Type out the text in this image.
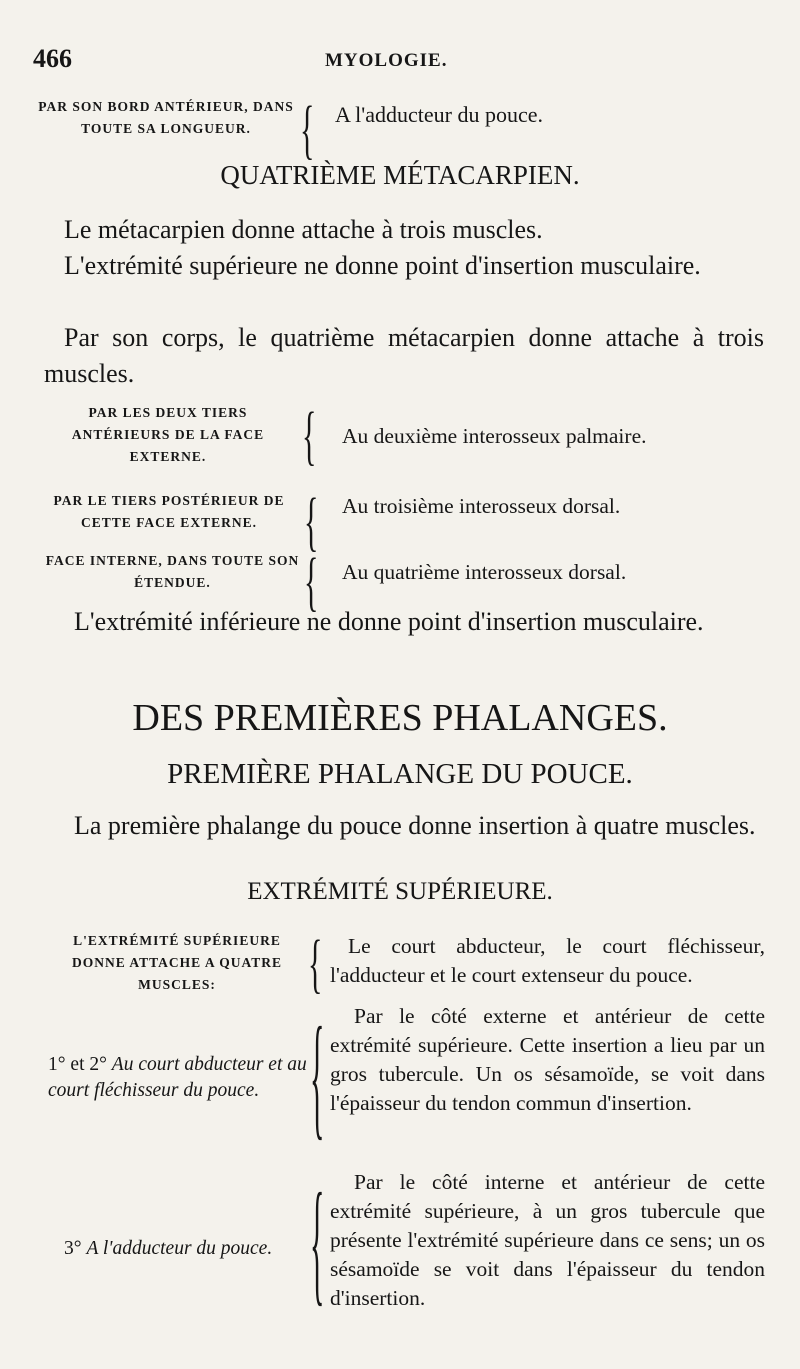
466	MYOLOGIE.
PAR SON BORD ANTÉRIEUR, DANS TOUTE SA LONGUEUR.	{ A l'adducteur du pouce.
QUATRIÈME MÉTACARPIEN.
Le métacarpien donne attache à trois muscles.
L'extrémité supérieure ne donne point d'insertion musculaire.
Par son corps, le quatrième métacarpien donne attache à trois muscles.
PAR LES DEUX TIERS ANTÉRIEURS DE LA FACE EXTERNE.	{ Au deuxième interosseux palmaire.
PAR LE TIERS POSTÉRIEUR DE CETTE FACE EXTERNE.	{ Au troisième interosseux dorsal.
FACE INTERNE, DANS TOUTE SON ÉTENDUE.	{ Au quatrième interosseux dorsal.
L'extrémité inférieure ne donne point d'insertion musculaire.
DES PREMIÈRES PHALANGES.
PREMIÈRE PHALANGE DU POUCE.
La première phalange du pouce donne insertion à quatre muscles.
EXTRÉMITÉ SUPÉRIEURE.
L'EXTRÉMITÉ SUPÉRIEURE DONNE ATTACHE A QUATRE MUSCLES:	{	Le court abducteur, le court fléchisseur, l'adducteur et le court extenseur du pouce.
1° et 2° Au court abducteur et au court fléchisseur du pouce.	{	Par le côté externe et antérieur de cette extrémité supérieure. Cette insertion a lieu par un gros tubercule. Un os sésamoïde, se voit dans l'épaisseur du tendon commun d'insertion.
3° A l'adducteur du pouce.	{	Par le côté interne et antérieur de cette extrémité supérieure, à un gros tubercule que présente l'extrémité supérieure dans ce sens; un os sésamoïde se voit dans l'épaisseur du tendon d'insertion.
